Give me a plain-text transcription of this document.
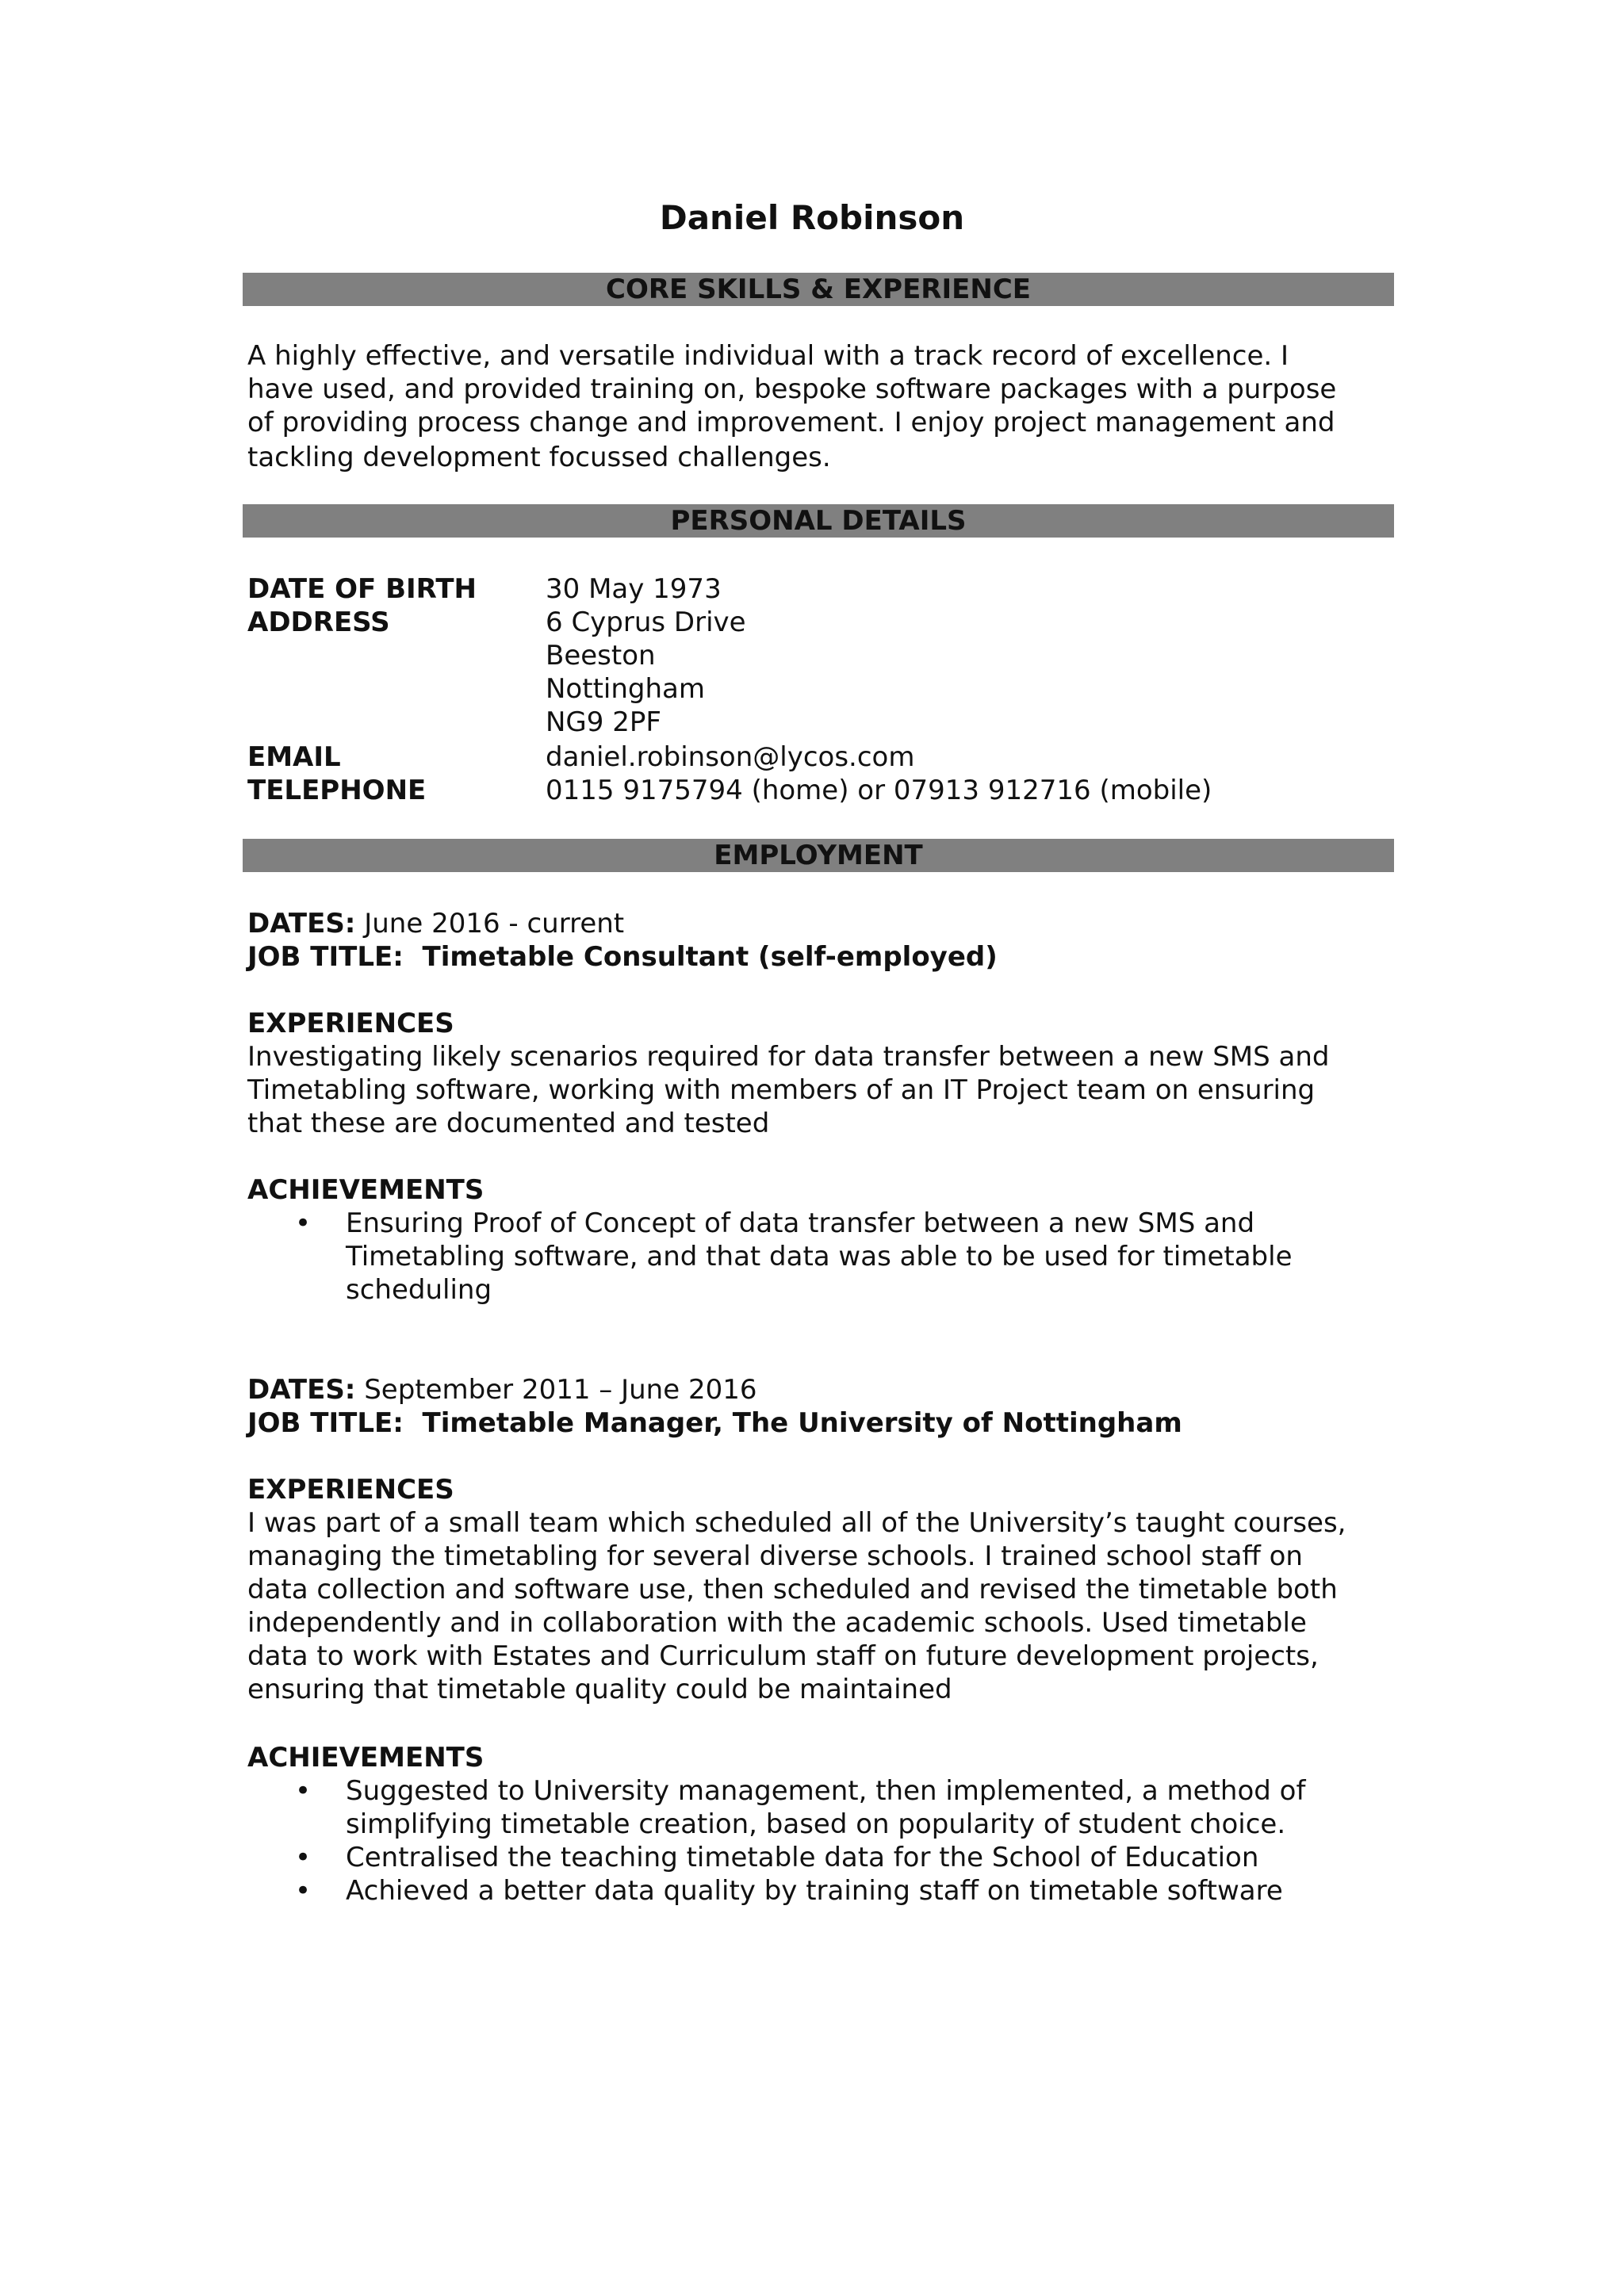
Daniel Robinson
CORE SKILLS & EXPERIENCE
A highly effective, and versatile individual with a track record of excellence. I
have used, and provided training on, bespoke software packages with a purpose
of providing process change and improvement. I enjoy project management and
tackling development focussed challenges.
PERSONAL DETAILS
DATE OF BIRTH	30 May 1973
ADDRESS	6 Cyprus Drive
Beeston
Nottingham
NG9 2PF
EMAIL	daniel.robinson@lycos.com
TELEPHONE	0115 9175794 (home) or 07913 912716 (mobile)
EMPLOYMENT
DATES: June 2016 - current
JOB TITLE: Timetable Consultant (self-employed)
EXPERIENCES
Investigating likely scenarios required for data transfer between a new SMS and
Timetabling software, working with members of an IT Project team on ensuring
that these are documented and tested
ACHIEVEMENTS
• Ensuring Proof of Concept of data transfer between a new SMS and
Timetabling software, and that data was able to be used for timetable
scheduling
DATES: September 2011 – June 2016
JOB TITLE: Timetable Manager, The University of Nottingham
EXPERIENCES
I was part of a small team which scheduled all of the University’s taught courses,
managing the timetabling for several diverse schools. I trained school staff on
data collection and software use, then scheduled and revised the timetable both
independently and in collaboration with the academic schools. Used timetable
data to work with Estates and Curriculum staff on future development projects,
ensuring that timetable quality could be maintained
ACHIEVEMENTS
• Suggested to University management, then implemented, a method of
simplifying timetable creation, based on popularity of student choice.
• Centralised the teaching timetable data for the School of Education
• Achieved a better data quality by training staff on timetable software
